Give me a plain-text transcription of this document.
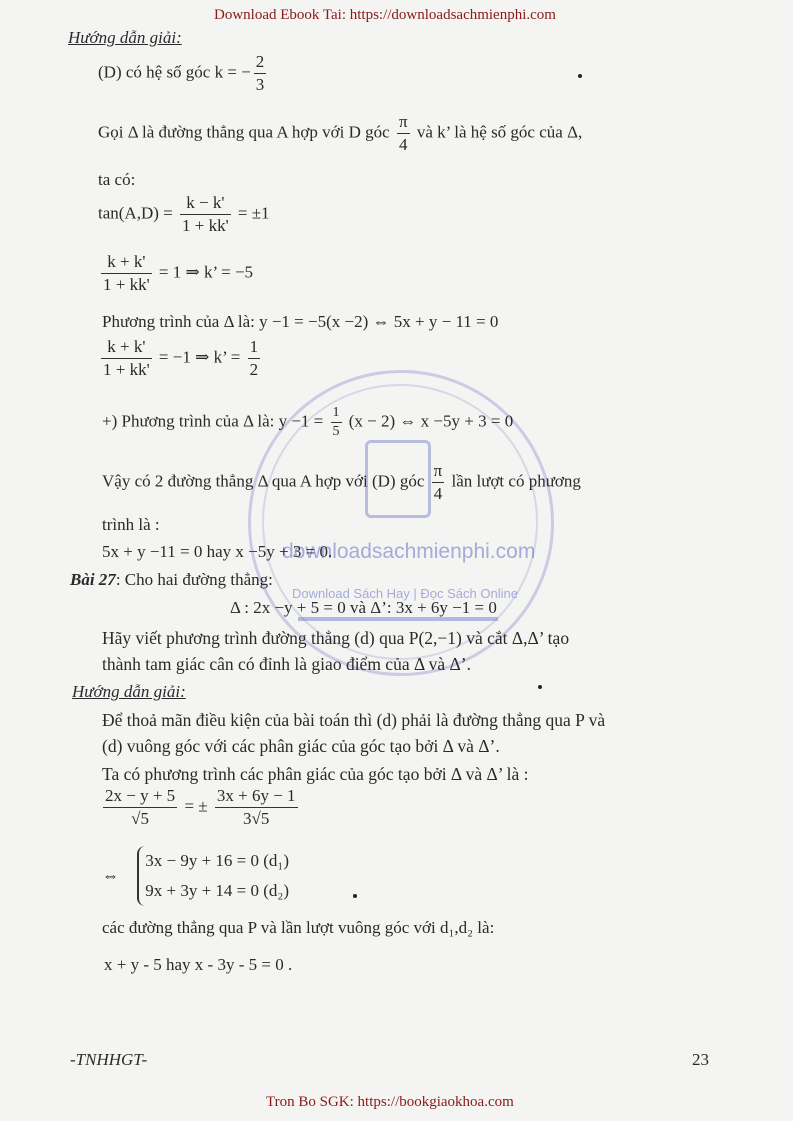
downloadsachmienphi.com
Download Sách Hay | Đọc Sách Online
Download Ebook Tai: https://downloadsachmienphi.com
Tron Bo SGK: https://bookgiaokhoa.com
Hướng dẫn giải:
(D) có hệ số góc k = − $\frac{2}{3}$
Gọi Δ là đường thẳng qua A hợp với D góc $\frac{\pi}{4}$ và k’ là hệ số góc của Δ,
ta có:
$\tan(A,D) = \frac{k - k'}{1 + kk'} = \pm 1$
$\frac{k + k'}{1 + kk'} = 1$ ⇒ k’ = −5
Phương trình của Δ là: y −1 = −5(x −2) ⇔ 5x + y − 11 = 0
$\frac{k + k'}{1 + kk'} = -1$ ⇒ k’ = $\frac{1}{2}$
+) Phương trình của Δ là: $y -1 = \frac{1}{5} (x - 2)$ ⇔ x −5y + 3 = 0
Vậy có 2 đường thẳng Δ qua A hợp với (D) góc $\frac{\pi}{4}$ lần lượt có phương
trình là :
5x + y −11 = 0 hay x −5y + 3 = 0.
Bài 27: Cho hai đường thẳng:
Δ : 2x −y + 5 = 0 và Δ’: 3x + 6y −1 = 0
Hãy viết phương trình đường thẳng (d) qua P(2,−1) và cắt Δ,Δ’ tạo
thành tam giác cân có đỉnh là giao điểm của Δ và Δ’.
Hướng dẫn giải:
Để thoả mãn điều kiện của bài toán thì (d) phải là đường thẳng qua P và
(d) vuông góc với các phân giác của góc tạo bởi Δ và Δ’.
Ta có phương trình các phân giác của góc tạo bởi Δ và Δ’ là :
$\frac{2x - y + 5}{√5}$ = ± $\frac{3x + 6y - 1}{3√5}$
⇔
3x − 9y + 16 = 0 (d₁)
9x + 3y + 14 = 0 (d₂)
các đường thẳng qua P và lần lượt vuông góc với d₁,d₂ là:
x + y - 5 hay x - 3y - 5 = 0 .
-TNHHGT-	23
